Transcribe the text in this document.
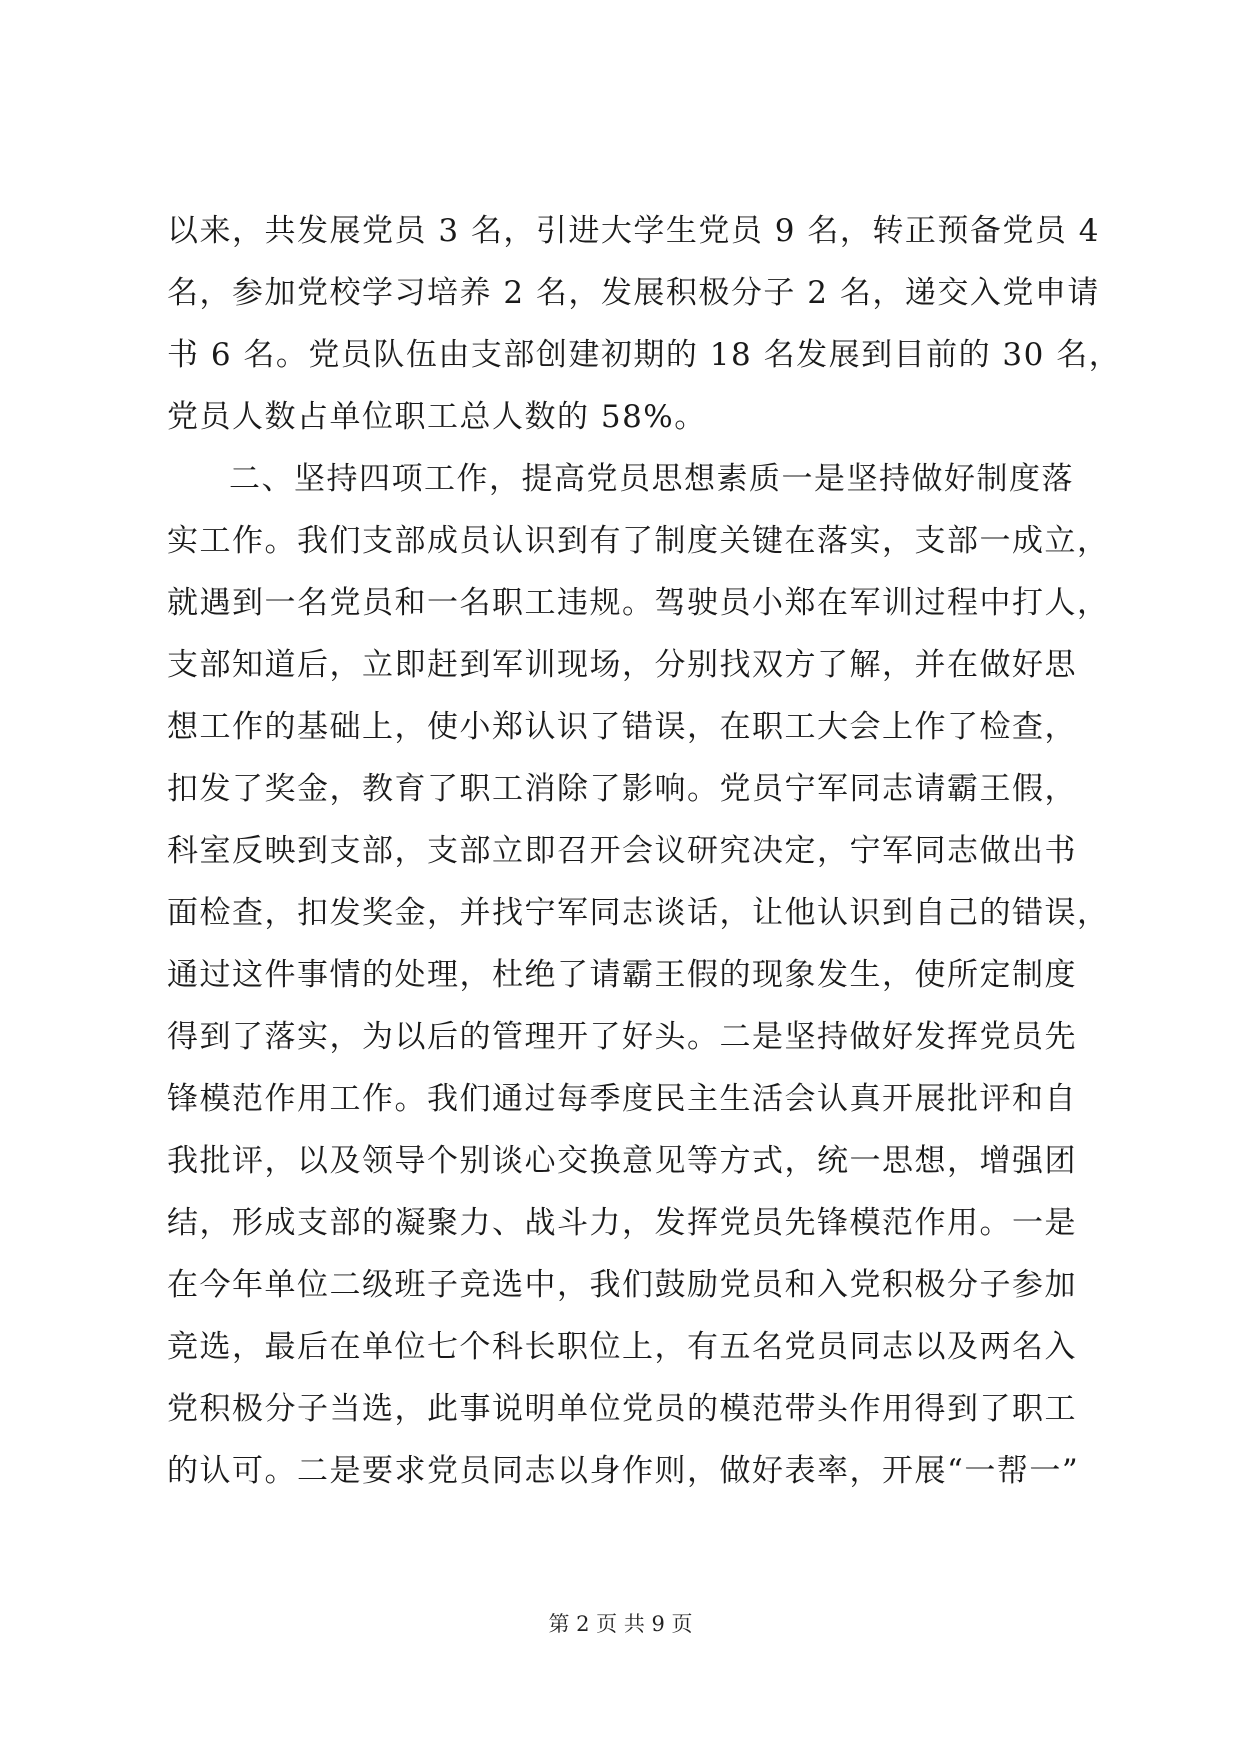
以来，共发展党员 3 名，引进大学生党员 9 名，转正预备党员 4
名，参加党校学习培养 2 名，发展积极分子 2 名，递交入党申请
书 6 名。党员队伍由支部创建初期的 18 名发展到目前的 30 名，
党员人数占单位职工总人数的 58%。
二、坚持四项工作，提高党员思想素质一是坚持做好制度落
实工作。我们支部成员认识到有了制度关键在落实，支部一成立，
就遇到一名党员和一名职工违规。驾驶员小郑在军训过程中打人，
支部知道后，立即赶到军训现场，分别找双方了解，并在做好思
想工作的基础上，使小郑认识了错误，在职工大会上作了检查，
扣发了奖金，教育了职工消除了影响。党员宁军同志请霸王假，
科室反映到支部，支部立即召开会议研究决定，宁军同志做出书
面检查，扣发奖金，并找宁军同志谈话，让他认识到自己的错误，
通过这件事情的处理，杜绝了请霸王假的现象发生，使所定制度
得到了落实，为以后的管理开了好头。二是坚持做好发挥党员先
锋模范作用工作。我们通过每季度民主生活会认真开展批评和自
我批评，以及领导个别谈心交换意见等方式，统一思想，增强团
结，形成支部的凝聚力、战斗力，发挥党员先锋模范作用。一是
在今年单位二级班子竞选中，我们鼓励党员和入党积极分子参加
竞选，最后在单位七个科长职位上，有五名党员同志以及两名入
党积极分子当选，此事说明单位党员的模范带头作用得到了职工
的认可。二是要求党员同志以身作则，做好表率，开展“一帮一”
第 2 页 共 9 页
